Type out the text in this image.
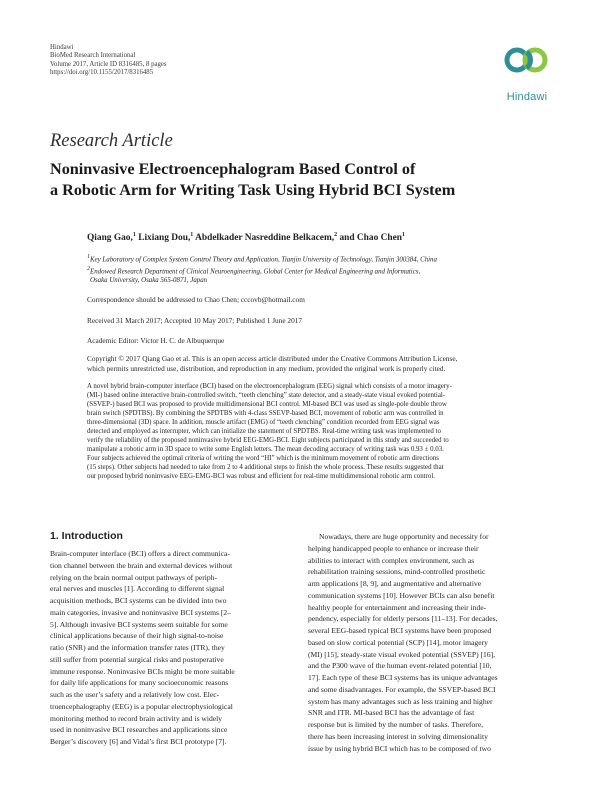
Hindawi
BioMed Research International
Volume 2017, Article ID 8316485, 8 pages
https://doi.org/10.1155/2017/8316485
Hindawi
Research Article
Noninvasive Electroencephalogram Based Control of
a Robotic Arm for Writing Task Using Hybrid BCI System
Qiang Gao,$^1$ Lixiang Dou,$^1$ Abdelkader Nasreddine Belkacem,$^2$ and Chao Chen$^1$
$^1$Key Laboratory of Complex System Control Theory and Application, Tianjin University of Technology, Tianjin 300384, China
$^2$Endowed Research Department of Clinical Neuroengineering, Global Center for Medical Engineering and Informatics,
Osaka University, Osaka 565-0871, Japan
Correspondence should be addressed to Chao Chen; cccovb@hotmail.com
Received 31 March 2017; Accepted 10 May 2017; Published 1 June 2017
Academic Editor: Victor H. C. de Albuquerque
Copyright © 2017 Qiang Gao et al. This is an open access article distributed under the Creative Commons Attribution License,
which permits unrestricted use, distribution, and reproduction in any medium, provided the original work is properly cited.
A novel hybrid brain-computer interface (BCI) based on the electroencephalogram (EEG) signal which consists of a motor imagery-
(MI-) based online interactive brain-controlled switch, “teeth clenching” state detector, and a steady-state visual evoked potential-
(SSVEP-) based BCI was proposed to provide multidimensional BCI control. MI-based BCI was used as single-pole double throw
brain switch (SPDTBS). By combining the SPDTBS with 4-class SSEVP-based BCI, movement of robotic arm was controlled in
three-dimensional (3D) space. In addition, muscle artifact (EMG) of “teeth clenching” condition recorded from EEG signal was
detected and employed as interrupter, which can initialize the statement of SPDTBS. Real-time writing task was implemented to
verify the reliability of the proposed noninvasive hybrid EEG-EMG-BCI. Eight subjects participated in this study and succeeded to
manipulate a robotic arm in 3D space to write some English letters. The mean decoding accuracy of writing task was 0.93 ± 0.03.
Four subjects achieved the optimal criteria of writing the word “HI” which is the minimum movement of robotic arm directions
(15 steps). Other subjects had needed to take from 2 to 4 additional steps to finish the whole process. These results suggested that
our proposed hybrid noninvasive EEG-EMG-BCI was robust and efficient for real-time multidimensional robotic arm control.
1. Introduction
Brain-computer interface (BCI) offers a direct communica-
tion channel between the brain and external devices without
relying on the brain normal output pathways of periph-
eral nerves and muscles [1]. According to different signal
acquisition methods, BCI systems can be divided into two
main categories, invasive and noninvasive BCI systems [2–
5]. Although invasive BCI systems seem suitable for some
clinical applications because of their high signal-to-noise
ratio (SNR) and the information transfer rates (ITR), they
still suffer from potential surgical risks and postoperative
immune response. Noninvasive BCIs might be more suitable
for daily life applications for many socioeconomic reasons
such as the user’s safety and a relatively low cost. Elec-
troencephalography (EEG) is a popular electrophysiological
monitoring method to record brain activity and is widely
used in noninvasive BCI researches and applications since
Berger’s discovery [6] and Vidal’s first BCI prototype [7].
Nowadays, there are huge opportunity and necessity for
helping handicapped people to enhance or increase their
abilities to interact with complex environment, such as
rehabilitation training sessions, mind-controlled prosthetic
arm applications [8, 9], and augmentative and alternative
communication systems [10]. However BCIs can also benefit
healthy people for entertainment and increasing their inde-
pendency, especially for elderly persons [11–13]. For decades,
several EEG-based typical BCI systems have been proposed
based on slow cortical potential (SCP) [14], motor imagery
(MI) [15], steady-state visual evoked potential (SSVEP) [16],
and the P300 wave of the human event-related potential [10,
17]. Each type of these BCI systems has its unique advantages
and some disadvantages. For example, the SSVEP-based BCI
system has many advantages such as less training and higher
SNR and ITR. MI-based BCI has the advantage of fast
response but is limited by the number of tasks. Therefore,
there has been increasing interest in solving dimensionality
issue by using hybrid BCI which has to be composed of two
